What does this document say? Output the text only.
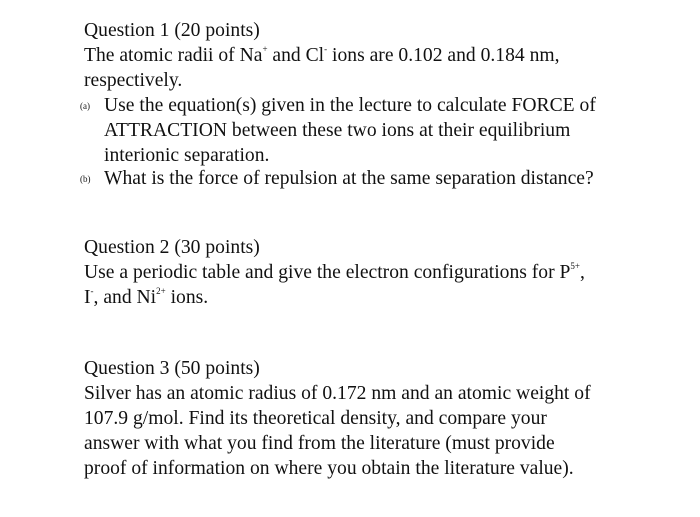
Question 1 (20 points)
The atomic radii of Na+ and Cl- ions are 0.102 and 0.184 nm,
respectively.
(a) Use the equation(s) given in the lecture to calculate FORCE of
ATTRACTION between these two ions at their equilibrium
interionic separation.
(b) What is the force of repulsion at the same separation distance?
Question 2 (30 points)
Use a periodic table and give the electron configurations for $P^{5+}$,
I-, and $Ni^{2+}$ ions.
Question 3 (50 points)
Silver has an atomic radius of 0.172 nm and an atomic weight of
107.9 g/mol. Find its theoretical density, and compare your
answer with what you find from the literature (must provide
proof of information on where you obtain the literature value).
